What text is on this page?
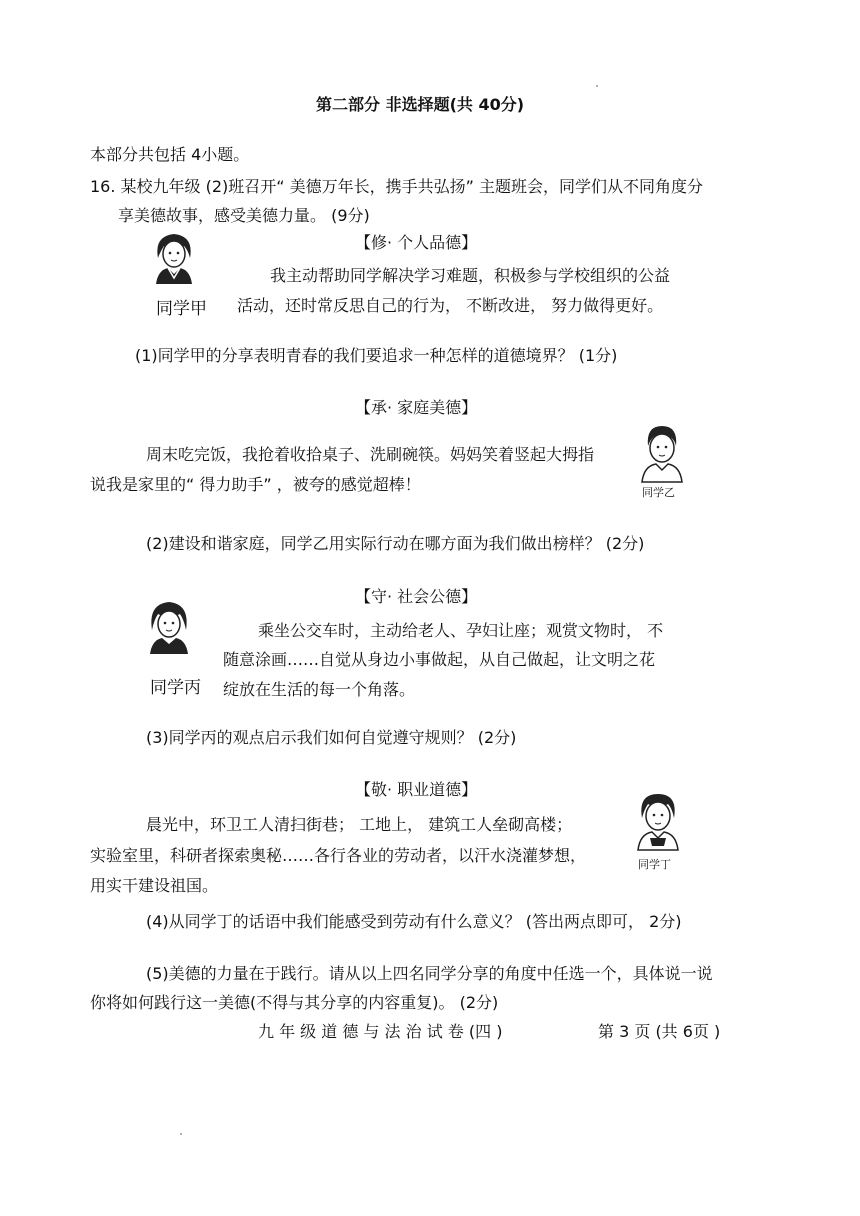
第二部分 非选择题(共 40分)
本部分共包括 4小题。
16. 某校九年级 (2)班召开“ 美德万年长，携手共弘扬” 主题班会，同学们从不同角度分
享美德故事，感受美德力量。 (9分)
同学甲
【修· 个人品德】
我主动帮助同学解决学习难题，积极参与学校组织的公益
活动，还时常反思自己的行为， 不断改进， 努力做得更好。
(1)同学甲的分享表明青春的我们要追求一种怎样的道德境界？ (1分)
【承· 家庭美德】
周末吃完饭，我抢着收拾桌子、洗刷碗筷。妈妈笑着竖起大拇指
说我是家里的“ 得力助手” ，被夸的感觉超棒！	同学乙
(2)建设和谐家庭，同学乙用实际行动在哪方面为我们做出榜样？ (2分)
【守· 社会公德】
同学丙
乘坐公交车时，主动给老人、孕妇让座；观赏文物时， 不
随意涂画……自觉从身边小事做起，从自己做起，让文明之花
绽放在生活的每一个角落。
(3)同学丙的观点启示我们如何自觉遵守规则？ (2分)
【敬· 职业道德】
晨光中，环卫工人清扫街巷； 工地上， 建筑工人垒砌高楼；
实验室里，科研者探索奥秘……各行各业的劳动者，以汗水浇灌梦想，
用实干建设祖国。
同学丁
(4)从同学丁的话语中我们能感受到劳动有什么意义？ (答出两点即可， 2分)
(5)美德的力量在于践行。请从以上四名同学分享的角度中任选一个，具体说一说
你将如何践行这一美德(不得与其分享的内容重复)。 (2分)
九 年 级 道 德 与 法 治 试 卷 (四 )	第 3 页 (共 6页 )
